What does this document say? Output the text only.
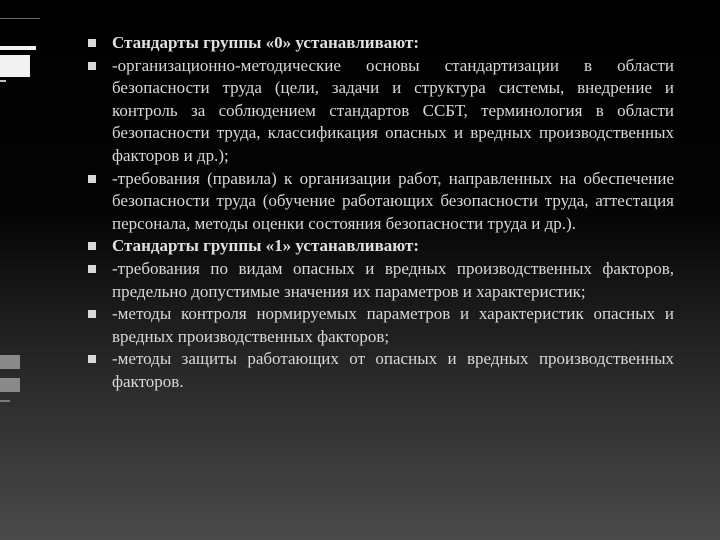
Стандарты группы «0» устанавливают:
-организационно-методические основы стандартизации в области безопасности труда (цели, задачи и структура системы, внедрение и контроль за соблюдением стандартов ССБТ, терминология в области безопасности труда, классификация опасных и вредных производственных факторов и др.);
-требования (правила) к организации работ, направленных на обеспечение безопасности труда (обучение работающих безопасности труда, аттестация персонала, методы оценки состояния безопасности труда и др.).
Стандарты группы «1» устанавливают:
-требования по видам опасных и вредных производственных факторов, предельно допустимые значения их параметров и характеристик;
-методы контроля нормируемых параметров и характеристик опасных и вредных производственных факторов;
-методы защиты работающих от опасных и вредных производственных факторов.
